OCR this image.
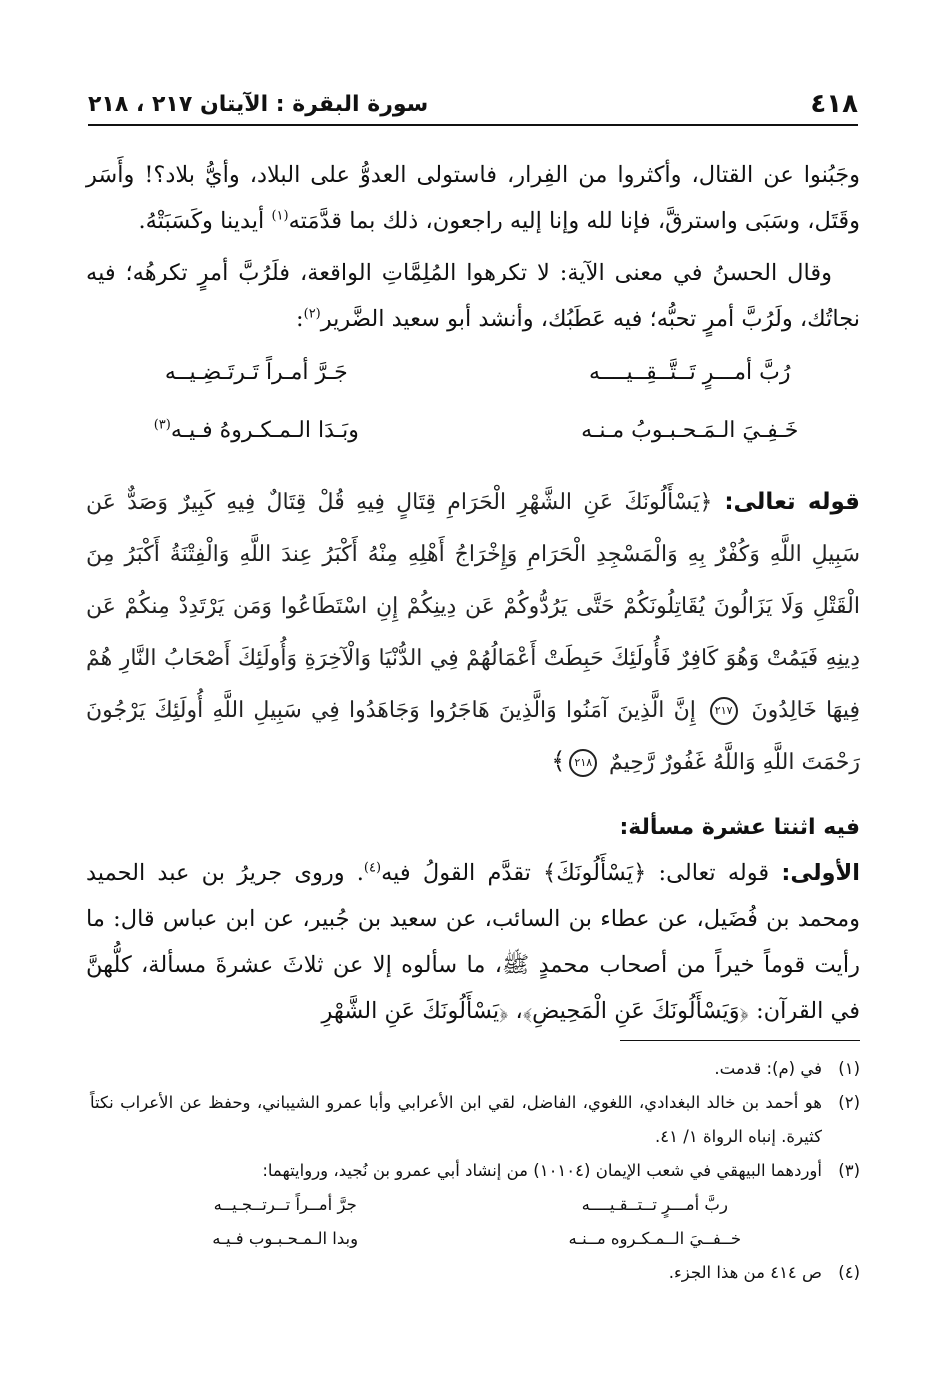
٤١٨
سورة البقرة : الآيتان ٢١٧ ، ٢١٨

وجَبُنوا عن القتال، وأكثروا من الفِرار، فاستولى العدوُّ على البلاد، وأيُّ بلاد؟! وأَسَر وقَتَل، وسَبَى واسترقَّ، فإنا لله وإنا إليه راجعون، ذلك بما قدَّمَته$^{(١)}$ أيدينا وكَسَبَتْهُ.

وقال الحسنُ في معنى الآية: لا تكرهوا المُلِمَّاتِ الواقعة، فلَرُبَّ أمرٍ تكرهُه؛ فيه نجاتُك، ولَرُبَّ أمرٍ تحبُّه؛ فيه عَطَبُك، وأنشد أبو سعيد الضَّرير$^{(٢)}$:

رُبَّ أمـــرٍ تَــتَّــقِــيــــه
جَـرَّ أمـراً تَـرتَـضِـيــه
خَـفِـيَ الـمَـحـبـوبُ مـنـه
وبَـدَا الـمـكـروهُ فـيـه$^{(٣)}$

قوله تعالى: ﴿يَسْأَلُونَكَ عَنِ الشَّهْرِ الْحَرَامِ قِتَالٍ فِيهِ قُلْ قِتَالٌ فِيهِ كَبِيرٌ وَصَدٌّ عَن سَبِيلِ اللَّهِ وَكُفْرٌ بِهِ وَالْمَسْجِدِ الْحَرَامِ وَإِخْرَاجُ أَهْلِهِ مِنْهُ أَكْبَرُ عِندَ اللَّهِ وَالْفِتْنَةُ أَكْبَرُ مِنَ الْقَتْلِ وَلَا يَزَالُونَ يُقَاتِلُونَكُمْ حَتَّى يَرُدُّوكُمْ عَن دِينِكُمْ إِنِ اسْتَطَاعُوا وَمَن يَرْتَدِدْ مِنكُمْ عَن دِينِهِ فَيَمُتْ وَهُوَ كَافِرٌ فَأُولَئِكَ حَبِطَتْ أَعْمَالُهُمْ فِي الدُّنْيَا وَالْآخِرَةِ وَأُولَئِكَ أَصْحَابُ النَّارِ هُمْ فِيهَا خَالِدُونَ ٢١٧ إِنَّ الَّذِينَ آمَنُوا وَالَّذِينَ هَاجَرُوا وَجَاهَدُوا فِي سَبِيلِ اللَّهِ أُولَئِكَ يَرْجُونَ رَحْمَتَ اللَّهِ وَاللَّهُ غَفُورٌ رَّحِيمٌ ٢١٨﴾

فيه اثنتا عشرة مسألة:

الأولى: قوله تعالى: ﴿يَسْأَلُونَكَ﴾ تقدَّم القولُ فيه$^{(٤)}$. وروى جريرُ بن عبد الحميد ومحمد بن فُضَيل، عن عطاء بن السائب، عن سعيد بن جُبير، عن ابن عباس قال: ما رأيت قوماً خيراً من أصحاب محمدٍ ﷺ، ما سألوه إلا عن ثلاثَ عشرةَ مسألة، كلُّهنَّ في القرآن: ﴿وَيَسْأَلُونَكَ عَنِ الْمَحِيضِ﴾، ﴿يَسْأَلُونَكَ عَنِ الشَّهْرِ

(١)
في (م): قدمت.
(٢)
هو أحمد بن خالد البغدادي، اللغوي، الفاضل، لقي ابن الأعرابي وأبا عمرو الشيباني، وحفظ عن الأعراب نكتاً كثيرة. إنباه الرواة ١/ ٤١.
(٣)
أوردهما البيهقي في شعب الإيمان (١٠١٠٤) من إنشاد أبي عمرو بن نُجيد، وروايتهما:
ربَّ أمـــرٍ تــتــقـيــــه
جرَّ أمــراً تــرتــجـيــه
خــفــيَ الــمـكـروه مــنـه
وبدا الـمـحـبـوب فـيـه
(٤)
ص ٤١٤ من هذا الجزء.
